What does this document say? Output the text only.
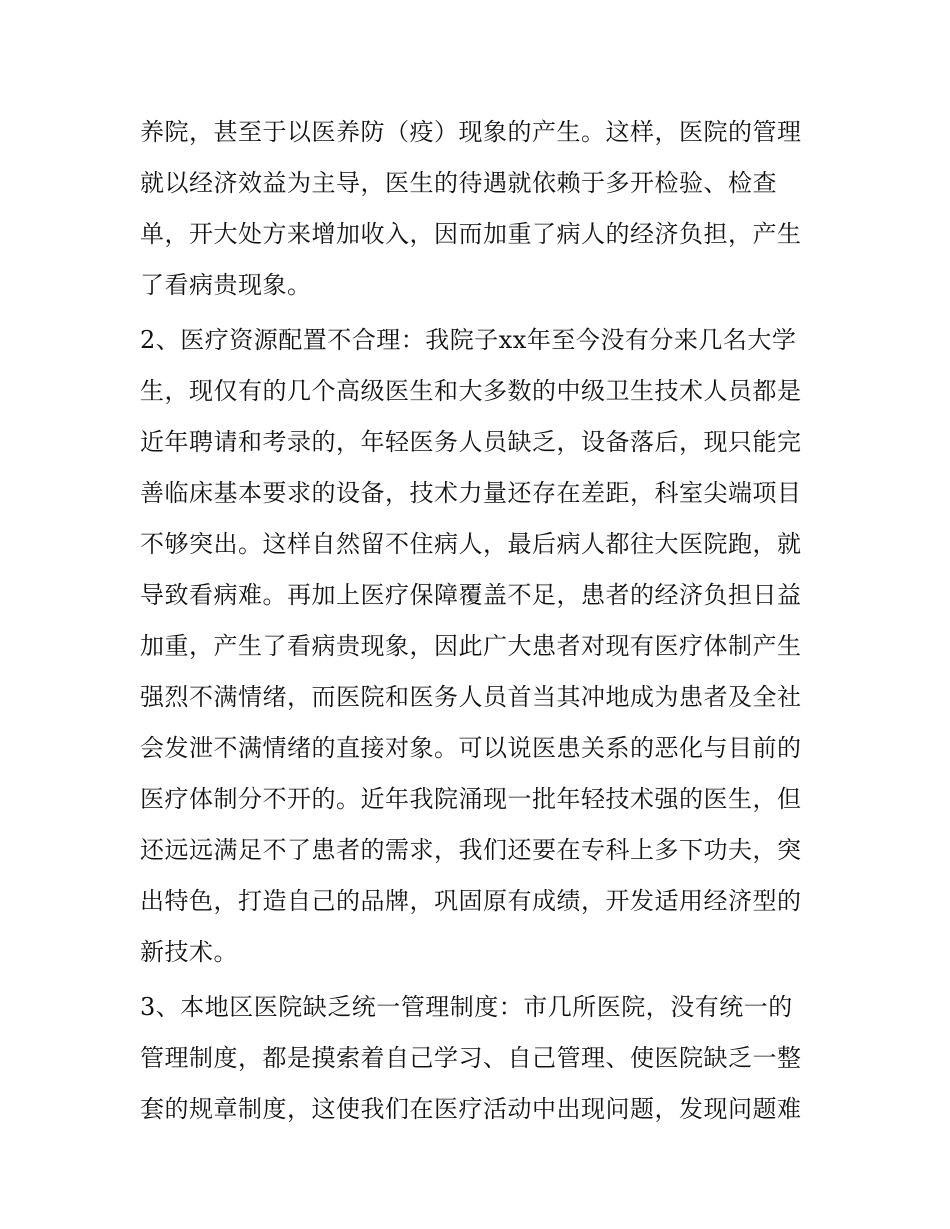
养院，甚至于以医养防（疫）现象的产生。这样，医院的管理
就以经济效益为主导，医生的待遇就依赖于多开检验、检查
单，开大处方来增加收入，因而加重了病人的经济负担，产生
了看病贵现象。

2、医疗资源配置不合理：我院子xx年至今没有分来几名大学
生，现仅有的几个高级医生和大多数的中级卫生技术人员都是
近年聘请和考录的，年轻医务人员缺乏，设备落后，现只能完
善临床基本要求的设备，技术力量还存在差距，科室尖端项目
不够突出。这样自然留不住病人，最后病人都往大医院跑，就
导致看病难。再加上医疗保障覆盖不足，患者的经济负担日益
加重，产生了看病贵现象，因此广大患者对现有医疗体制产生
强烈不满情绪，而医院和医务人员首当其冲地成为患者及全社
会发泄不满情绪的直接对象。可以说医患关系的恶化与目前的
医疗体制分不开的。近年我院涌现一批年轻技术强的医生，但
还远远满足不了患者的需求，我们还要在专科上多下功夫，突
出特色，打造自己的品牌，巩固原有成绩，开发适用经济型的
新技术。

3、本地区医院缺乏统一管理制度：市几所医院，没有统一的
管理制度，都是摸索着自己学习、自己管理、使医院缺乏一整
套的规章制度，这使我们在医疗活动中出现问题，发现问题难
